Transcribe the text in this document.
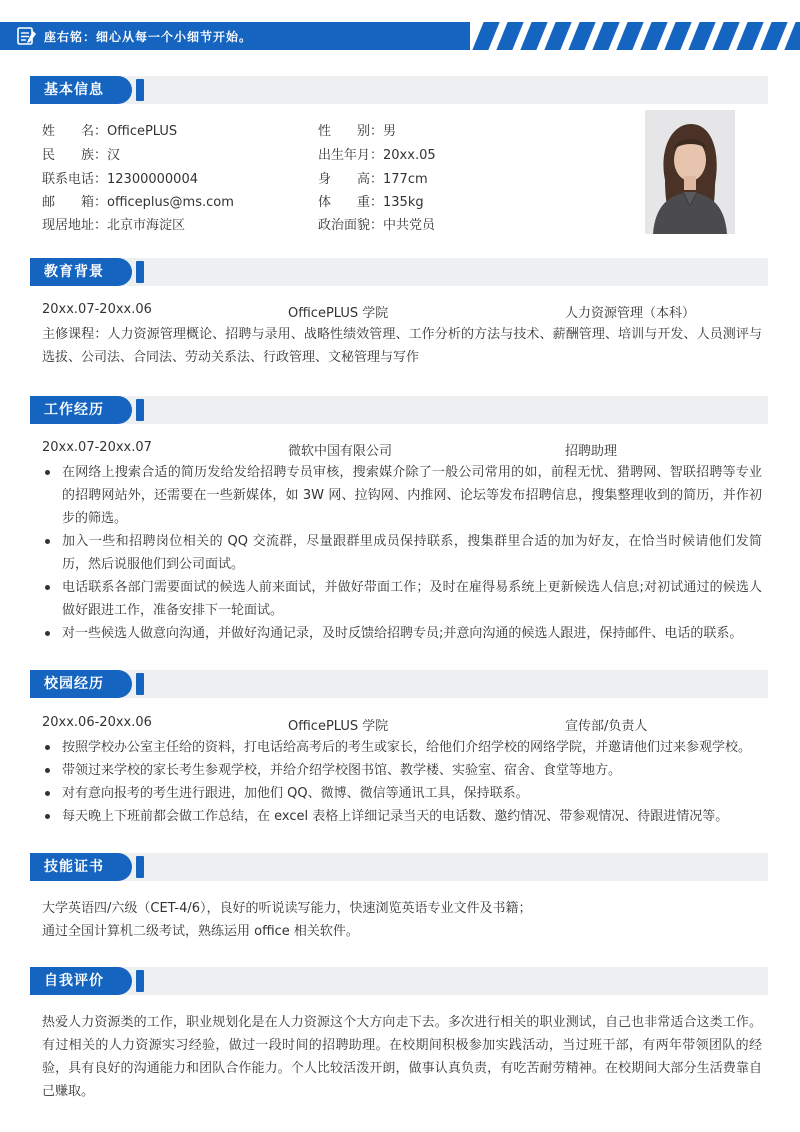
座右铭：细心从每一个小细节开始。
基本信息
姓　　名：OfficePLUS
民　　族：汉
联系电话：12300000004
邮　　箱：officeplus@ms.com
现居地址：北京市海淀区
性　　别：男
出生年月：20xx.05
身　　高：177cm
体　　重：135kg
政治面貌：中共党员
教育背景
20xx.07-20xx.06	OfficePLUS 学院	人力资源管理（本科）
主修课程：人力资源管理概论、招聘与录用、战略性绩效管理、工作分析的方法与技术、薪酬管理、培训与开发、人员测评与选拔、公司法、合同法、劳动关系法、行政管理、文秘管理与写作
工作经历
20xx.07-20xx.07	微软中国有限公司	招聘助理
在网络上搜索合适的简历发给发给招聘专员审核，搜索媒介除了一般公司常用的如，前程无忧、猎聘网、智联招聘等专业的招聘网站外，还需要在一些新媒体，如 3W 网、拉钩网、内推网、论坛等发布招聘信息，搜集整理收到的简历，并作初步的筛选。
加入一些和招聘岗位相关的 QQ 交流群，尽量跟群里成员保持联系，搜集群里合适的加为好友，在恰当时候请他们发简历，然后说服他们到公司面试。
电话联系各部门需要面试的候选人前来面试，并做好带面工作；及时在雇得易系统上更新候选人信息;对初试通过的候选人做好跟进工作，准备安排下一轮面试。
对一些候选人做意向沟通，并做好沟通记录，及时反馈给招聘专员;并意向沟通的候选人跟进，保持邮件、电话的联系。
校园经历
20xx.06-20xx.06	OfficePLUS 学院	宣传部/负责人
按照学校办公室主任给的资料，打电话给高考后的考生或家长，给他们介绍学校的网络学院，并邀请他们过来参观学校。
带领过来学校的家长考生参观学校，并给介绍学校图书馆、教学楼、实验室、宿舍、食堂等地方。
对有意向报考的考生进行跟进，加他们 QQ、微博、微信等通讯工具，保持联系。
每天晚上下班前都会做工作总结，在 excel 表格上详细记录当天的电话数、邀约情况、带参观情况、待跟进情况等。
技能证书
大学英语四/六级（CET-4/6），良好的听说读写能力，快速浏览英语专业文件及书籍；
通过全国计算机二级考试，熟练运用 office 相关软件。
自我评价
热爱人力资源类的工作，职业规划化是在人力资源这个大方向走下去。多次进行相关的职业测试，自己也非常适合这类工作。有过相关的人力资源实习经验，做过一段时间的招聘助理。在校期间积极参加实践活动，当过班干部，有两年带领团队的经验，具有良好的沟通能力和团队合作能力。个人比较活泼开朗，做事认真负责，有吃苦耐劳精神。在校期间大部分生活费靠自己赚取。
